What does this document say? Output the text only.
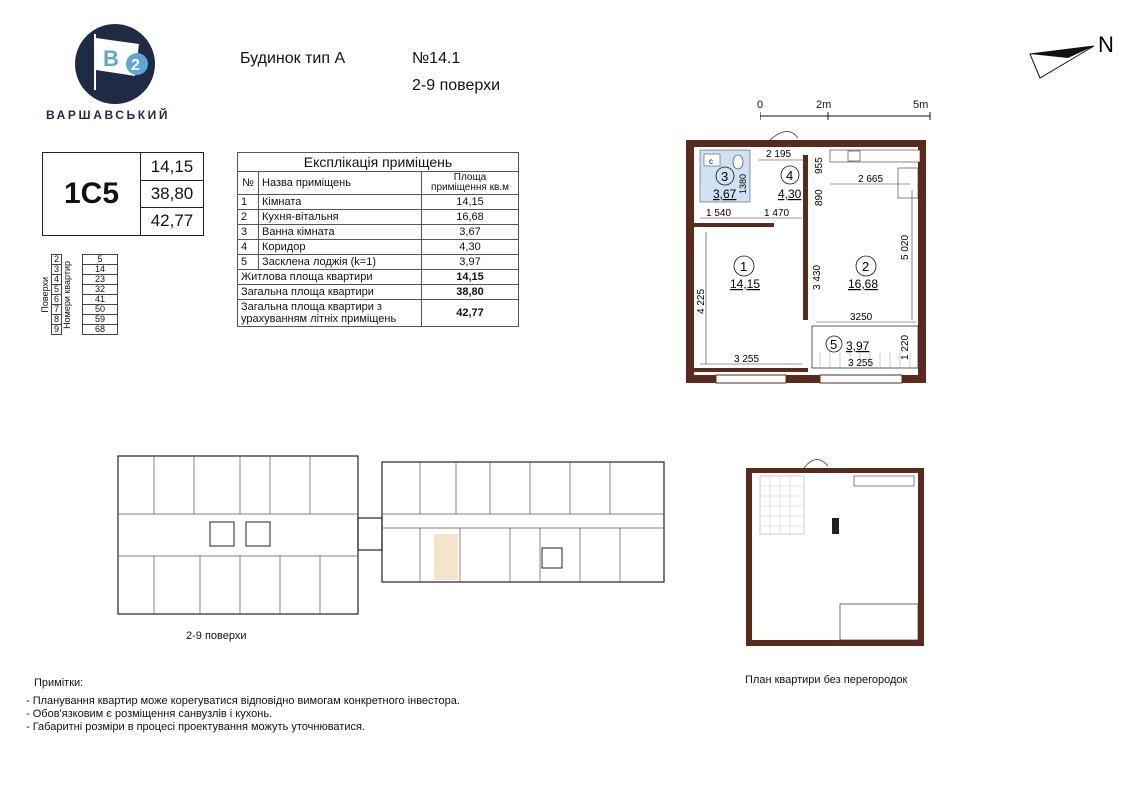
B 2
ВАРШАВСЬКИЙ
Будинок тип А	№14.1
2-9 поверхи
N
0	2m	5m
1С5
14,15
38,80
42,77
Поверхи	2	Номери квартир	5
	3		14
	4		23
	5		32
	6		41
	7		50
	8		59
	9		68
Експлікація приміщень		
№	Назва приміщень	Площа приміщення кв.м
1	Кімната	14,15
2	Кухня-вітальня	16,68
3	Ванна кімната	3,67
4	Коридор	4,30
5	Засклена лоджія (k=1)	3,97
Житлова площа квартири		14,15
Загальна площа квартири		38,80
Загальна площа квартири з урахуванням літніх приміщень		42,77
с
3
3,67
4
4,30
1
14,15
2
16,68
5 3,97
2 195
2 665
1 540	1 470
3 255
3250
3 255
955
890
3 430
5 020
4 225
1 220
1380
2-9 поверхи
План квартири без перегородок
Примітки:
- Планування квартир може корегуватися відповідно вимогам конкретного інвестора.
- Обов'язковим є розміщення санвузлів і кухонь.
- Габаритні розміри в процесі проектування можуть уточнюватися.
